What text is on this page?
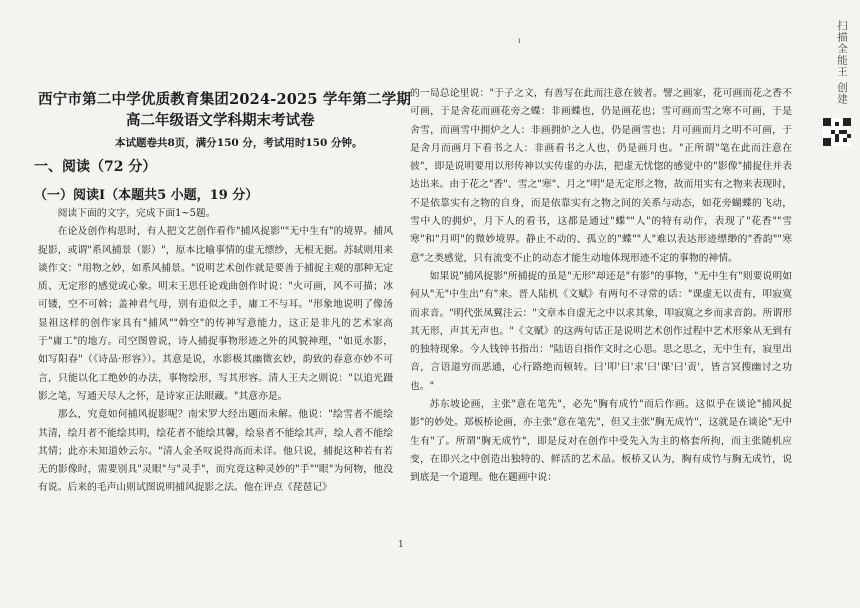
ı
西宁市第二中学优质教育集团2024-2025 学年第二学期
高二年级语文学科期末考试卷
本试题卷共8页，满分150 分，考试用时150 分钟。
一、阅读（72 分）
（一）阅读Ⅰ（本题共5 小题，19 分）

阅读下面的文字，完成下面1~5题。

在论及创作构思时，有人把文艺创作看作"捕风捉影""无中生有"的境界。捕风捉影，或谓"系风捕景（影）"，原本比喻事情的虚无缥纱，无根无据。苏轼则用来谈作文："用物之妙，如系风捕景。"说明艺术创作就是要善于捕捉主观的那种无定质、无定形的感觉或心象。明末王思任论戏曲创作时说："火可画，风不可描；冰可镂，空不可斡；盖神君气母，别有追似之手，庸工不与耳。"形象地说明了像汤显祖这样的创作家具有"捕风""斡空"的传神写意能力，这正是非凡的艺术家高于"庸工"的地方。司空图曾说，诗人捕捉事物形迹之外的风貌神理，"如觅水影，如写阳春"（《诗品·形容》）。其意是说，水影极其幽微玄妙，韵致的春意亦妙不可言，只能以化工绝妙的办法，事物绘形，写其形容。清人王夫之则说："以追光蹑影之笔，写通天尽人之怀，是诗家正法眼藏。"其意亦是。

那么，究竟如何捕风捉影呢？南宋罗大经出题而未解。他说："绘雪者不能绘其清，绘月者不能绘其明，绘花者不能绘其馨，绘泉者不能绘其声，绘人者不能绘其情；此亦未知道妙云尔。"清人金圣叹说得高而未详。他只说，捕捉这种若有若无的影像时，需要别具"灵眼"与"灵手"，而究竟这种灵妙的"手""眼"为何物，他没有说。后来的毛声山则试图说明捕风捉影之法。他在评点《琵琶记》

的一局总论里说："于子之文，有善写在此而注意在彼者。譬之画家，花可画而花之香不可画，于是舍花而画花旁之蝶：非画蝶也，仍是画花也；雪可画而雪之寒不可画，于是舍雪，而画雪中拥炉之人：非画拥炉之人也，仍是画雪也；月可画而月之明不可画，于是舍月而画月下看书之人：非画看书之人也，仍是画月也。"正所谓"笔在此而注意在彼"，即是说明要用以形传神以实传虚的办法，把虚无忧惚的感觉中的"影像"捕捉住并表达出来。由于花之"香"、雪之"寒"、月之"明"是无定形之物，故而用实有之物来表现时，不是依靠实有之物的自身，而是依靠实有之物之间的关系与动态，如花旁蝴蝶的飞动，雪中人的拥炉，月下人的看书，这都是通过"蝶""人"的特有动作，表现了"花香""雪寒"和"月明"的微妙境界。静止不动的、孤立的"蝶""人"难以表达形迹缥缈的"香韵""寒意"之类感觉，只有流变不止的动态才能生动地体现形迹不定的事物的神情。

如果说"捕风捉影"所捕捉的虽是"无形"却还是"有影"的事物，"无中生有"则要说明如何从"无"中生出"有"来。晋人陆机《文赋》有两句不寻常的话："课虚无以责有，叩寂寞而求音。"明代张凤翼注云："文章本自虚无之中以求其象，叩寂寞之乡而求音韵。所谓形其无形，声其无声也。"《文赋》的这两句话正是说明艺术创作过程中艺术形象从无到有的独特现象。今人钱钟书指出："陆语自指作文时之心思。思之思之，无中生有，寂里出音，言语道穷而恶通，心行路绝而顿转。曰'叩'曰'求'曰'课'曰'责'，皆言冥搜幽讨之功也。"

苏东坡论画，主张"意在笔先"，必先"胸有成竹"而后作画。这似乎在谈论"捕风捉影"的妙处。郑板桥论画，亦主张"意在笔先"，但又主张"胸无成竹"，这就是在谈论"无中生有"了。所谓"胸无成竹"，即是反对在创作中受先入为主的格套所拘，而主张随机应变，在即兴之中创造出独特的、鲜活的艺术品。板桥又认为，胸有成竹与胸无成竹，说到底是一个道理。他在题画中说：

1
扫描全能王 创建
